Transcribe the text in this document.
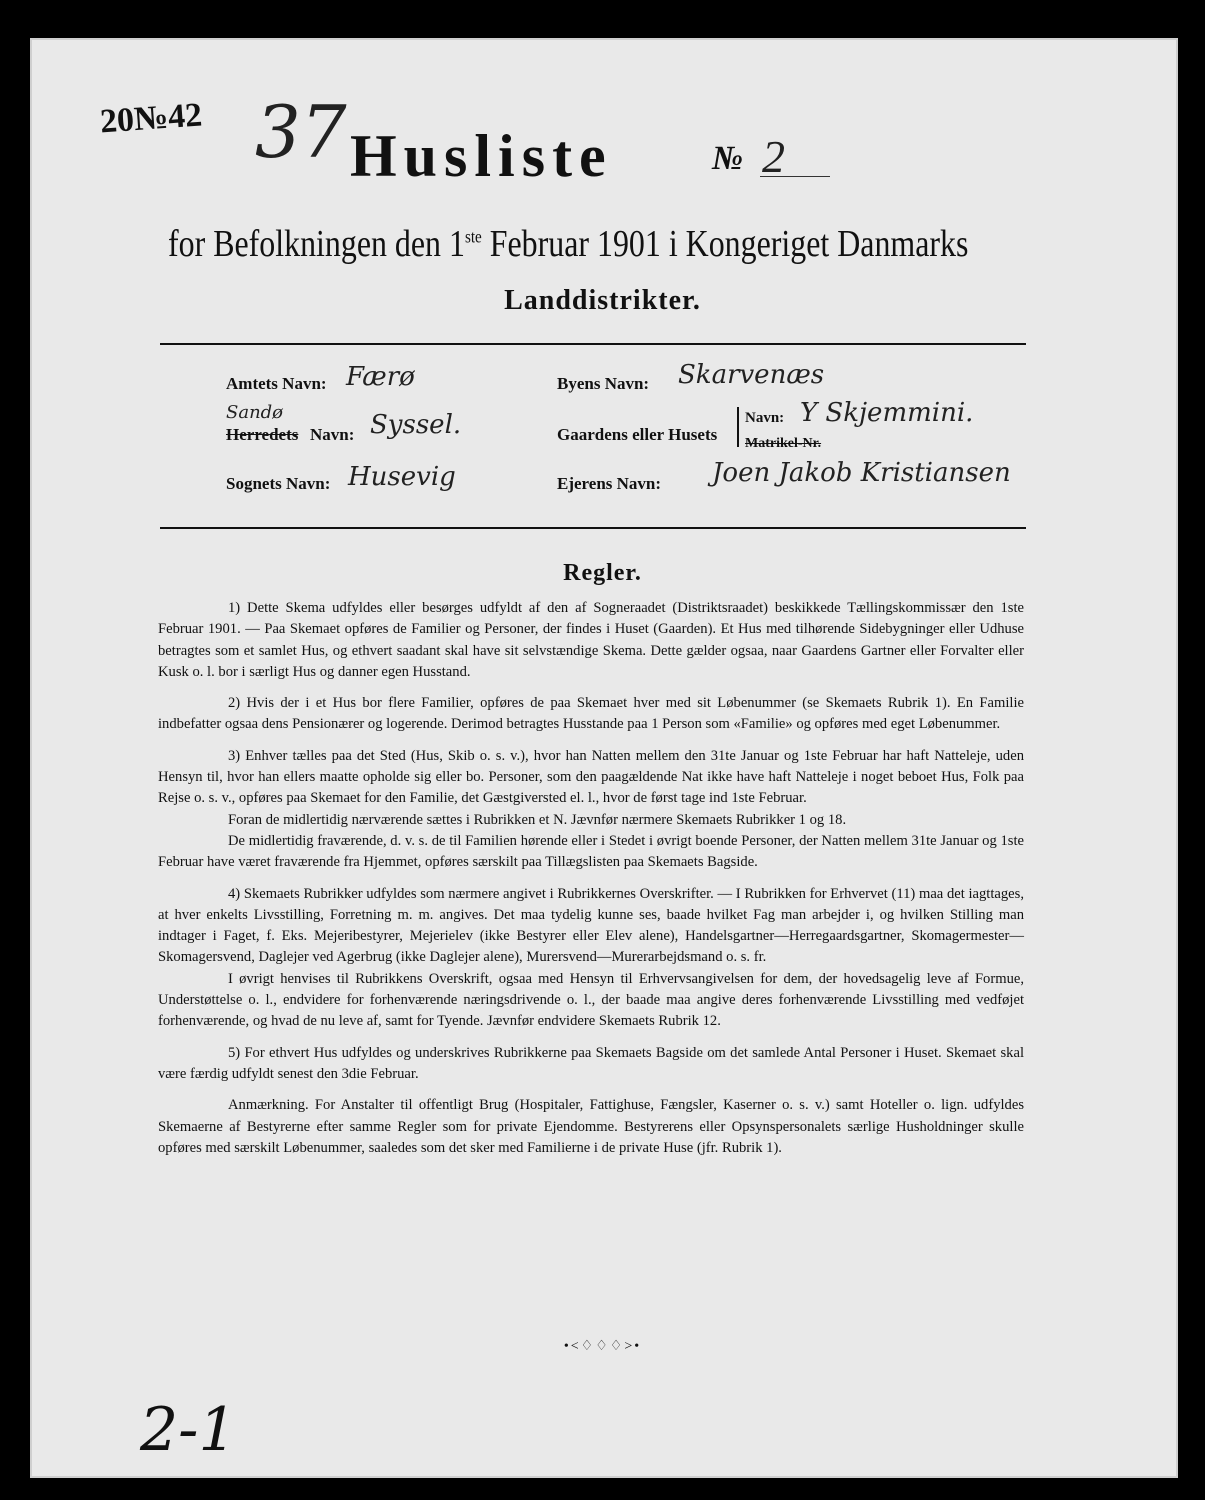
20№42 37 Husliste	№ 2
for Befolkningen den 1ste Februar 1901 i Kongeriget Danmarks
Landdistrikter.
Amtets Navn: Færø
Sandø
Herredets Navn: Syssel.
Sognets Navn: Husevig
Byens Navn: Skarvenæs
Gaardens eller Husets
Navn: Y Skjemmini.
Matrikel-Nr.
Ejerens Navn: Joen Jakob Kristiansen
Regler.

1) Dette Skema udfyldes eller besørges udfyldt af den af Sogneraadet (Distriktsraadet) beskikkede Tællingskommissær den 1ste Februar 1901. — Paa Skemaet opføres de Familier og Personer, der findes i Huset (Gaarden). Et Hus med tilhørende Sidebygninger eller Udhuse betragtes som et samlet Hus, og ethvert saadant skal have sit selvstændige Skema. Dette gælder ogsaa, naar Gaardens Gartner eller Forvalter eller Kusk o. l. bor i særligt Hus og danner egen Husstand.

2) Hvis der i et Hus bor flere Familier, opføres de paa Skemaet hver med sit Løbenummer (se Skemaets Rubrik 1). En Familie indbefatter ogsaa dens Pensionærer og logerende. Derimod betragtes Husstande paa 1 Person som «Familie» og opføres med eget Løbenummer.

3) Enhver tælles paa det Sted (Hus, Skib o. s. v.), hvor han Natten mellem den 31te Januar og 1ste Februar har haft Natteleje, uden Hensyn til, hvor han ellers maatte opholde sig eller bo. Personer, som den paagældende Nat ikke have haft Natteleje i noget beboet Hus, Folk paa Rejse o. s. v., opføres paa Skemaet for den Familie, det Gæstgiversted el. l., hvor de først tage ind 1ste Februar.

Foran de midlertidig nærværende sættes i Rubrikken et N. Jævnfør nærmere Skemaets Rubrikker 1 og 18.

De midlertidig fraværende, d. v. s. de til Familien hørende eller i Stedet i øvrigt boende Personer, der Natten mellem 31te Januar og 1ste Februar have været fraværende fra Hjemmet, opføres særskilt paa Tillægslisten paa Skemaets Bagside.

4) Skemaets Rubrikker udfyldes som nærmere angivet i Rubrikkernes Overskrifter. — I Rubrikken for Erhvervet (11) maa det iagttages, at hver enkelts Livsstilling, Forretning m. m. angives. Det maa tydelig kunne ses, baade hvilket Fag man arbejder i, og hvilken Stilling man indtager i Faget, f. Eks. Mejeribestyrer, Mejerielev (ikke Bestyrer eller Elev alene), Handelsgartner—Herregaardsgartner, Skomagermester—Skomagersvend, Daglejer ved Agerbrug (ikke Daglejer alene), Murersvend—Murerarbejdsmand o. s. fr.

I øvrigt henvises til Rubrikkens Overskrift, ogsaa med Hensyn til Erhvervsangivelsen for dem, der hovedsagelig leve af Formue, Understøttelse o. l., endvidere for forhenværende næringsdrivende o. l., der baade maa angive deres forhenværende Livsstilling med vedføjet forhenværende, og hvad de nu leve af, samt for Tyende. Jævnfør endvidere Skemaets Rubrik 12.

5) For ethvert Hus udfyldes og underskrives Rubrikkerne paa Skemaets Bagside om det samlede Antal Personer i Huset. Skemaet skal være færdig udfyldt senest den 3die Februar.

Anmærkning. For Anstalter til offentligt Brug (Hospitaler, Fattighuse, Fængsler, Kaserner o. s. v.) samt Hoteller o. lign. udfyldes Skemaerne af Bestyrerne efter samme Regler som for private Ejendomme. Bestyrerens eller Opsynspersonalets særlige Husholdninger skulle opføres med særskilt Løbenummer, saaledes som det sker med Familierne i de private Huse (jfr. Rubrik 1).

•<♢♢♢>•
2-1
